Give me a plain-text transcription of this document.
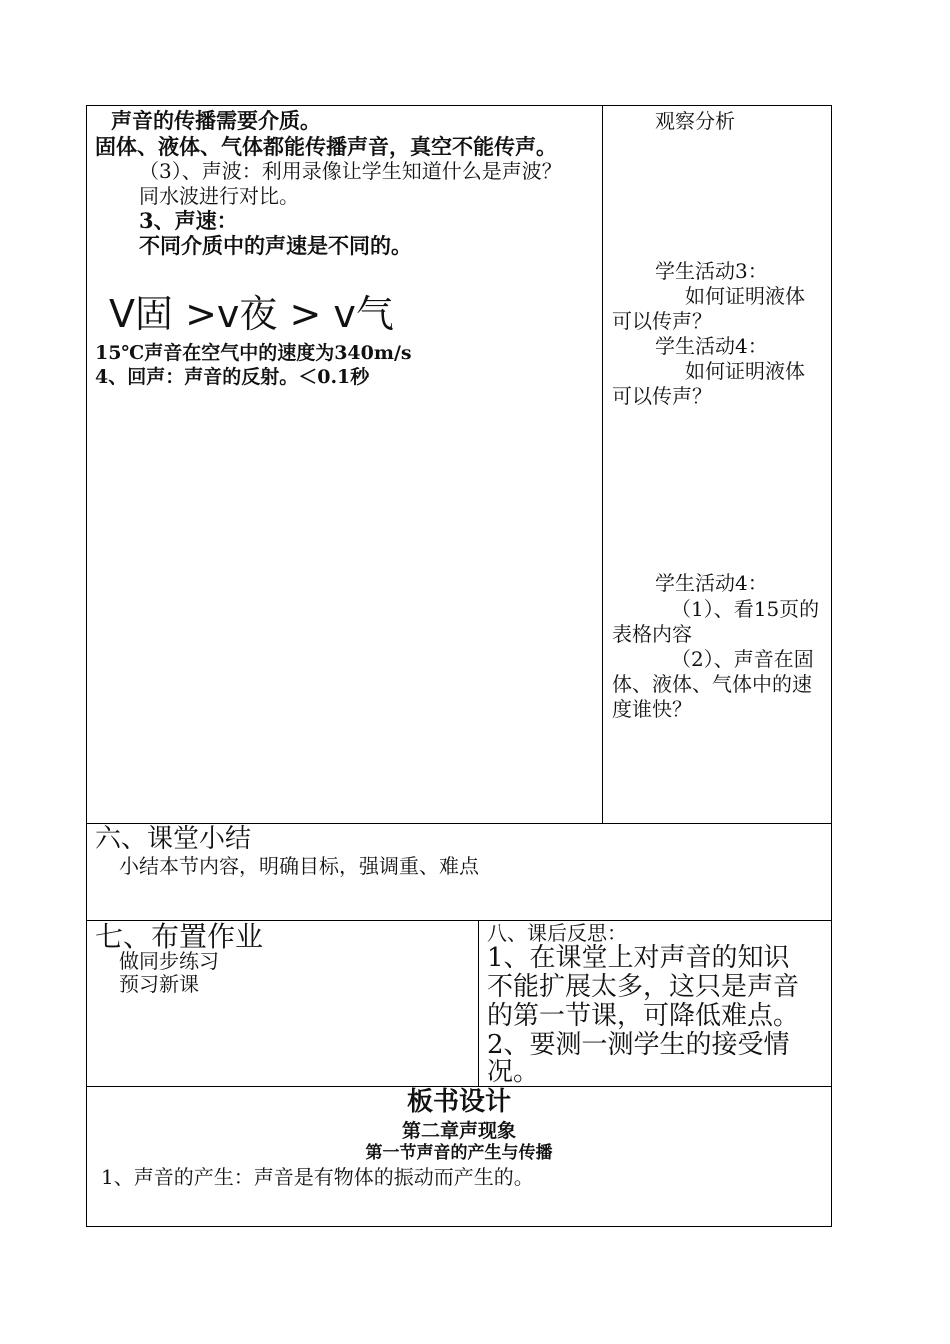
声音的传播需要介质。
固体、液体、气体都能传播声音，真空不能传声。
（3）、声波：利用录像让学生知道什么是声波？
同水波进行对比。
3、声速：
不同介质中的声速是不同的。
V固 >v夜 > v气
15℃声音在空气中的速度为340m/s
4、回声：声音的反射。＜0.1秒
观察分析
学生活动3：
如何证明液体
可以传声？
学生活动4：
如何证明液体
可以传声？
学生活动4：
（1）、看15页的
表格内容
（2）、声音在固
体、液体、气体中的速
度谁快？
六、课堂小结
小结本节内容，明确目标，强调重、难点
七、布置作业
做同步练习
预习新课
八、课后反思：
1、在课堂上对声音的知识
不能扩展太多，这只是声音
的第一节课，可降低难点。
2、要测一测学生的接受情
况。
板书设计
第二章声现象
第一节声音的产生与传播
1、声音的产生：声音是有物体的振动而产生的。
